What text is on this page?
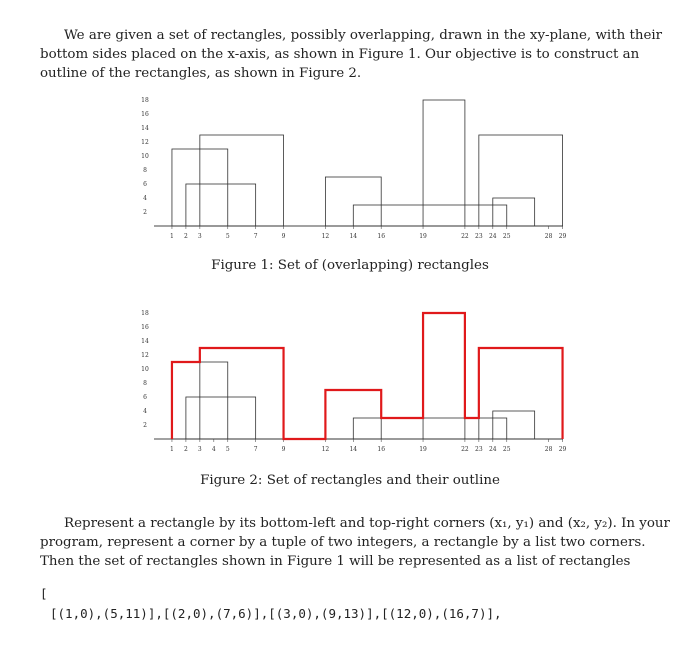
We are given a set of rectangles, possibly overlapping, drawn in the xy-plane, with their bottom sides placed on the x-axis, as shown in Figure 1. Our objective is to construct an outline of the rectangles, as shown in Figure 2.

1 2 3	5	7	9	12	14	16	19	22 23 24 25	28 29
2
4
6
8
10
12
14
16
18

Figure 1: Set of (overlapping) rectangles

1 2 3 4 5	7	9	12	14	16	19	22 23 24 25	28 29
2
4
6
8
10
12
14
16
18

Figure 2: Set of rectangles and their outline

Represent a rectangle by its bottom-left and top-right corners (x₁, y₁) and (x₂, y₂). In your program, represent a corner by a tuple of two integers, a rectangle by a list two corners. Then the set of rectangles shown in Figure 1 will be represented as a list of rectangles

[

[(1,0),(5,11)],[(2,0),(7,6)],[(3,0),(9,13)],[(12,0),(16,7)],
